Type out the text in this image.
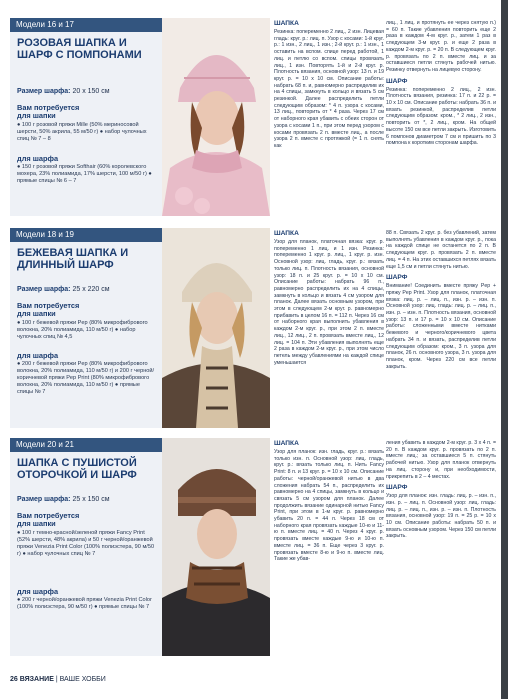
Модели 16 и 17
РОЗОВАЯ ШАПКА И ШАРФ С ПОМПОНАМИ
Размер шарфа: 20 х 150 см
Вам потребуется
для шапки
● 100 г розовой пряжи Mille (50% мериносовой шерсти, 50% акрила, 55 м/50 г) ● набор чулочных спиц № 7 – 8
для шарфа
● 150 г розовой пряжи Softhair (60% королевского мохера, 23% полиамида, 17% шерсти, 100 м/50 г) ● прямые спицы № 6 – 7
ШАПКА
Резинка: попеременно 2 лиц., 2 изн. Лицевая гладь: круг. р.: лиц. п. Узор с косами: 1-й круг. р.: 1 изн., 2 лиц., 1 изн.; 2-й круг. р.: 1 изн., 1 оставить на вспом. спице перед работой, 1 лиц. и петлю со вспом. спицы провязать лиц., 1 изн. Повторять 1-й и 2-й круг. р. Плотность вязания, основной узор: 13 п. и 19 круг. р. = 10 х 10 см. Описание работы: набрать 68 п. и, равномерно распределив их на 4 спицы, замкнуть в кольцо и вязать 5 см резинкой. Далее распределить петли следующим образом: * 4 п. узора с косами, 13 лиц., повторить от * 4 раза. Через 17 см от наборного края убавить с обеих сторон от узора с косами 1 п., при этом перед узором с косами провязать 2 п. вместе лиц., а после узора 2 п. вместе с протяжкой (= 1 п. снять как
лиц., 1 лиц. и протянуть ее через снятую п.) = 60 п. Такие убавления повторить еще 2 раза в каждом 4-м круг. р., затем 1 раз в следующем 3-м круг. р. и еще 2 раза в каждом 2-м круг. р. = 20 п. В следующем круг. р. провязать по 2 п. вместе лиц. и за оставшиеся петли стянуть рабочей нитью. Резинку отвернуть на лицевую сторону.
ШАРФ
Резинка: попеременно 2 лиц., 2 изн. Плотность вязания, резинка: 17 п. и 22 р. = 10 х 10 см. Описание работы: набрать 36 п. и вязать резинкой, распределив петли следующим образом: кром., * 2 лиц., 2 изн., повторить от *, 2 лиц., кром. На общей высоте 150 см все петли закрыть. Изготовить 6 помпонов диаметром 7 см и пришить по 3 помпона к коротким сторонам шарфа.
Модели 18 и 19
БЕЖЕВАЯ ШАПКА И ДЛИННЫЙ ШАРФ
Размер шарфа: 25 х 220 см
Вам потребуется
для шапки
● 100 г бежевой пряжи Pep (80% микрофибрового волокна, 20% полиамида, 110 м/50 г) ● набор чулочных спиц № 4,5
для шарфа
● 200 г бежевой пряжи Pep (80% микрофибрового волокна, 20% полиамида, 110 м/50 г) и 200 г черной/коричневой пряжи Pep Print (80% микрофибрового волокна, 20% полиамида, 110 м/50 г) ● прямые спицы № 7
ШАПКА
Узор для планок, платочная вязка: круг. р. попеременно 1 лиц. и 1 изн. Резинка: попеременно 1 круг. р. лиц., 1 круг. р. изн. Основной узор: лиц. гладь, круг. р.: вязать только лиц. п. Плотность вязания, основной узор: 18 п. и 25 круг. р. = 10 х 10 см. Описание работы: набрать 96 п., равномерно распределить их на 4 спицы, замкнуть в кольцо и вязать 4 см узором для планок. Далее вязать основным узором, при этом в следующем 2-м круг. р. равномерно прибавить в целом 16 п. = 112 п. Через 16 см от наборного края выполнить убавления в каждом 2-м круг. р., при этом 2 п. вместе лиц., 12 лиц., 2 п. провязать вместе лиц., 12 лиц. = 104 п. Эти убавления выполнять еще 2 раза в каждом 2-м круг. р., при этом число петель между убавлениями на каждой спице уменьшается
88 п. Связать 2 круг. р. без убавлений, затем выполнять убавления в каждом круг. р., пока на каждой спице не останется по 2 п. В следующем круг. р. провязать 2 п. вместе лиц. = 4 п. На этих оставшихся петлях вязать еще 1,5 см и петли стянуть нитью.
ШАРФ
Внимание! Соединить вместе пряжу Pep + пряжу Pep Print. Узор для планок, платочная вязка: лиц. р. – лиц. п., изн. р. – изн. п. Основной узор: лиц. гладь: лиц. р. – лиц. п., изн. р. – изн. п. Плотность вязания, основной узор: 13 п. и 17 р. = 10 х 10 см. Описание работы: сложенными вместе нитками бежевого и черного/коричневого цвета набрать 34 п. и вязать, распределив петли следующим образом: кром., 3 п. узора для планок, 26 п. основного узора, 3 п. узора для планок, кром. Через 220 см все петли закрыть.
Модели 20 и 21
ШАПКА С ПУШИСТОЙ ОТОРОЧКОЙ И ШАРФ
Размер шарфа: 25 х 150 см
Вам потребуется
для шапки
● 100 г темно-красной/зеленой пряжи Fancy Print (52% шерсти, 48% акрила) и 50 г черной/оранжевой пряжи Venezia Print Color (100% полиэстера, 90 м/50 г) ● набор чулочных спиц № 7
для шарфа
● 200 г черной/оранжевой пряжи Venezia Print Color (100% полиэстера, 90 м/50 г) ● прямые спицы № 7
ШАПКА
Узор для планок: изн. гладь, круг. р.: вязать только изн. п. Основной узор: лиц. гладь, круг. р.: вязать только лиц. п. Нить Fancy Print: 8 п. и 13 круг. р. = 10 х 10 см. Описание работы: черной/оранжевой нитью в два сложения набрать 54 п., распределить их равномерно на 4 спицы, замкнуть в кольцо и связать 5 см узором для планок. Далее продолжить вязание одинарной нитью Fancy Print, при этом в 1-м круг. р. равномерно убавить 20 п. = 44 п. Через 18 см от наборного края провязать каждые 10-ю и 11-ю п. вместе лиц. = 40 п. Через 4 круг. р. провязать вместе каждые 9-ю и 10-ю п. вместе лиц. = 36 п. Еще через 3 круг. р. провязать вместе 8-ю и 9-ю п. вместе лиц. Такие же убав-
ления убавить в каждом 2-м круг. р. 3 х 4 п. = 20 п. В каждом круг. р. провязать по 2 п. вместе лиц.; за оставшиеся 5 п. стянуть рабочей нитью. Узор для планок отвернуть на лиц. сторону и, при необходимости, прикрепить в 2 – 4 местах.
ШАРФ
Узор для планок: изн. гладь: лиц. р. – изн. п., изн. р. – лиц. п. Основной узор: лиц. гладь: лиц. р. – лиц. п., изн. р. – изн. п. Плотность вязания, основной узор: 19 п. = 25 р. = 10 х 10 см. Описание работы: набрать 50 п. и вязать основным узором. Через 150 см петли закрыть.
26 ВЯЗАНИЕ | ВАШЕ ХОББИ
